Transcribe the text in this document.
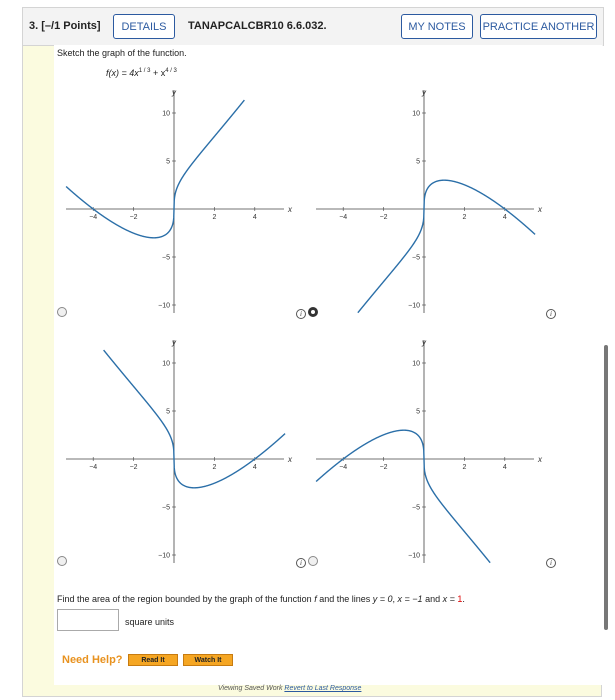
3. [–/1 Points]	DETAILS	TANAPCALCBR10 6.6.032.	MY NOTES	PRACTICE ANOTHER
Sketch the graph of the function.
$f(x) = 4x^{1 / 3} + x^{4 / 3}$
−4	−2	2	4
10
5
−5
−10
y
x
−4	−2	2	4
10
5
−5
−10
y
x
−4	−2	2	4
10
5
−5
−10
y
x
−4	−2	2	4
10
5
−5
−10
y
x
i	i
i	i
Find the area of the region bounded by the graph of the function f and the lines y = 0, x = −1 and x = 1.
square units
Need Help?	Read It	Watch It
Viewing Saved Work Revert to Last Response
